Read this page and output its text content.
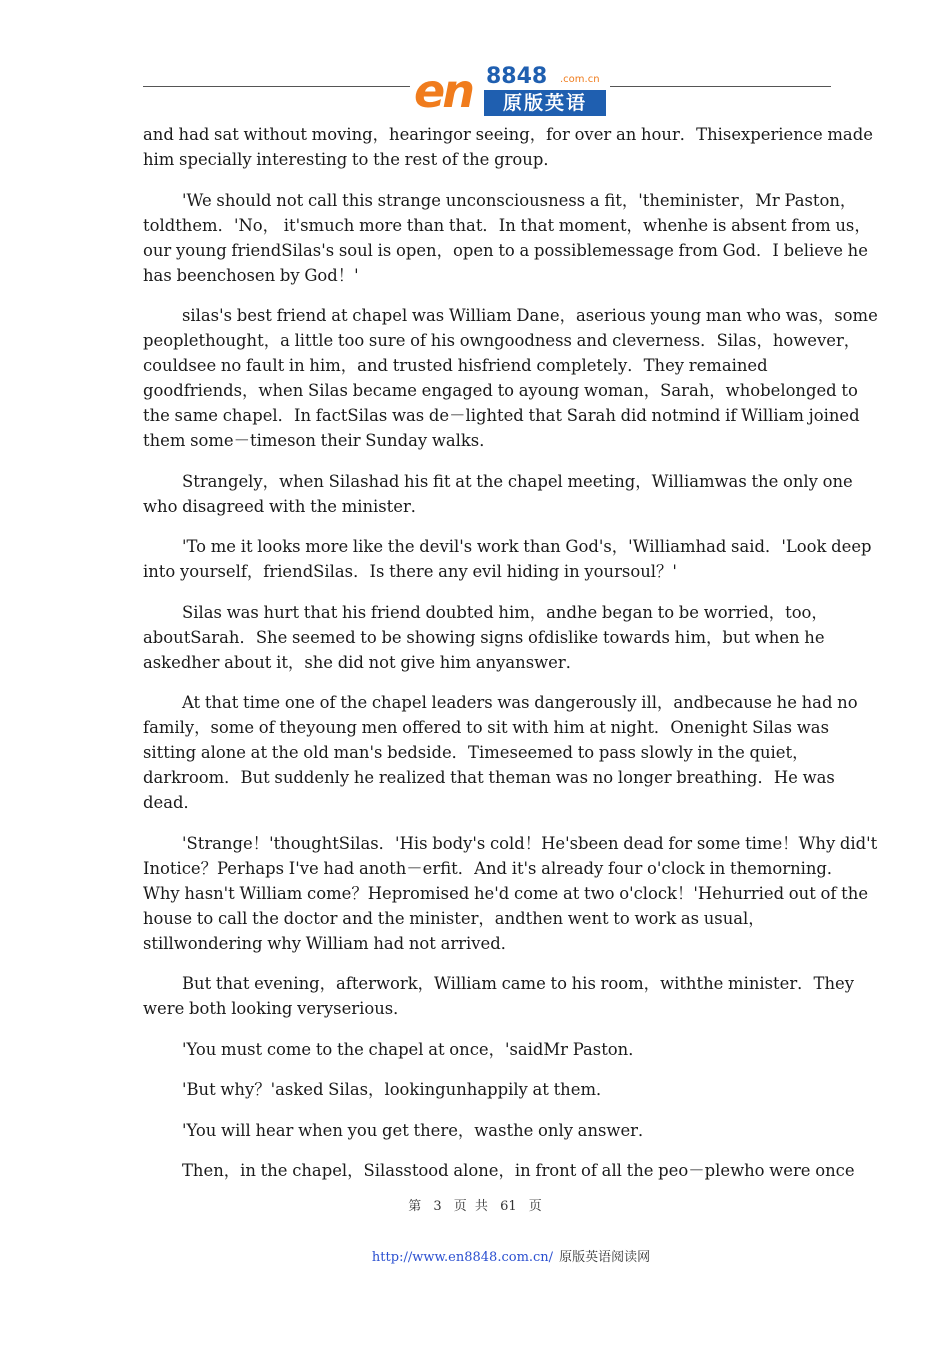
en 8848 .com.cn
原版英语

and had sat without moving，hearingor seeing，for over an hour．Thisexperience made him specially interesting to the rest of the group．

'We should not call this strange unconsciousness a fit，'theminister，Mr Paston，toldthem．'No， it'smuch more than that．In that moment，whenhe is absent from us，our young friendSilas's soul is open，open to a possiblemessage from God．I believe he has beenchosen by God！'

silas's best friend at chapel was William Dane，aserious young man who was，some peoplethought，a little too sure of his owngoodness and cleverness．Silas，however，couldsee no fault in him，and trusted hisfriend completely．They remained goodfriends，when Silas became engaged to ayoung woman，Sarah，whobelonged to the same chapel．In factSilas was de－lighted that Sarah did notmind if William joined them some－timeson their Sunday walks．

Strangely，when Silashad his fit at the chapel meeting，Williamwas the only one who disagreed with the minister．

'To me it looks more like the devil's work than God's，'Williamhad said．'Look deep into yourself，friendSilas．Is there any evil hiding in yoursoul？'

Silas was hurt that his friend doubted him，andhe began to be worried，too，aboutSarah．She seemed to be showing signs ofdislike towards him，but when he askedher about it，she did not give him anyanswer．

At that time one of the chapel leaders was dangerously ill，andbecause he had no family，some of theyoung men offered to sit with him at night．Onenight Silas was sitting alone at the old man's bedside．Timeseemed to pass slowly in the quiet，darkroom．But suddenly he realized that theman was no longer breathing．He was dead．

'Strange！'thoughtSilas．'His body's cold！He'sbeen dead for some time！Why did't Inotice？Perhaps I've had anoth－erfit．And it's already four o'clock in themorning．Why hasn't William come？Hepromised he'd come at two o'clock！'Hehurried out of the house to call the doctor and the minister，andthen went to work as usual，stillwondering why William had not arrived．

But that evening，afterwork，William came to his room，withthe minister．They were both looking veryserious．

'You must come to the chapel at once，'saidMr Paston．

'But why？'asked Silas，lookingunhappily at them．

'You will hear when you get there，wasthe only answer．

Then，in the chapel，Silasstood alone，in front of all the peo－plewho were once

第 3 页 共 61 页
http://www.en8848.com.cn/ 原版英语阅读网
